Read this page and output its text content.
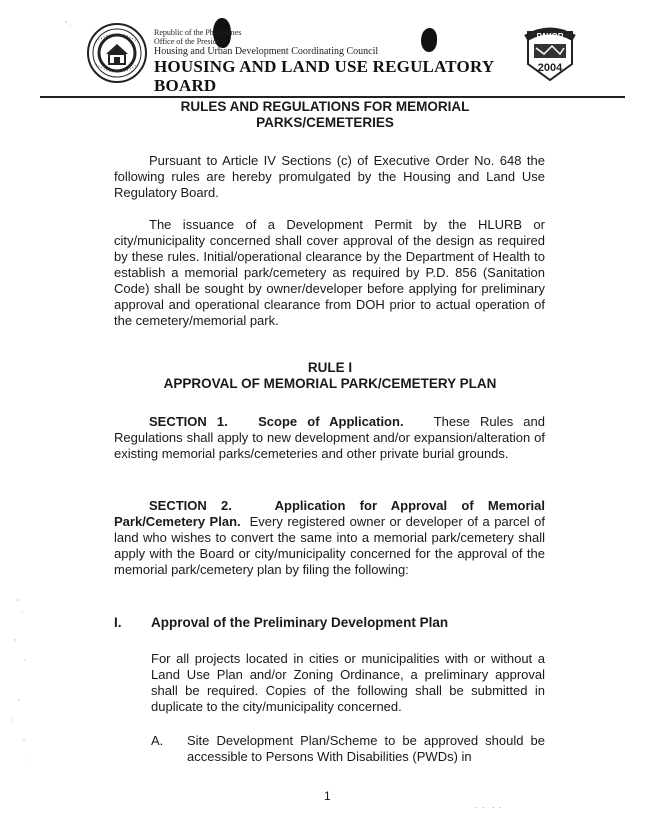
Republic of the Philippines
Office of the President
Housing and Urban Development Coordinating Council
HOUSING AND LAND USE REGULATORY BOARD
PAYOR
2004
RULES AND REGULATIONS FOR MEMORIAL
PARKS/CEMETERIES
Pursuant to Article IV Sections (c) of Executive Order No. 648 the following rules are hereby promulgated by the Housing and Land Use Regulatory Board.
The issuance of a Development Permit by the HLURB or city/municipality concerned shall cover approval of the design as required by these rules. Initial/operational clearance by the Department of Health to establish a memorial park/cemetery as required by P.D. 856 (Sanitation Code) shall be sought by owner/developer before applying for preliminary approval and operational clearance from DOH prior to actual operation of the cemetery/memorial park.
RULE I
APPROVAL OF MEMORIAL PARK/CEMETERY PLAN
SECTION 1. Scope of Application. These Rules and Regulations shall apply to new development and/or expansion/alteration of existing memorial parks/cemeteries and other private burial grounds.
SECTION 2.	Application for Approval of Memorial Park/Cemetery Plan. Every registered owner or developer of a parcel of land who wishes to convert the same into a memorial park/cemetery shall apply with the Board or city/municipality concerned for the approval of the memorial park/cemetery plan by filing the following:
I. Approval of the Preliminary Development Plan
For all projects located in cities or municipalities with or without a Land Use Plan and/or Zoning Ordinance, a preliminary approval shall be required. Copies of the following shall be submitted in duplicate to the city/municipality concerned.
A. Site Development Plan/Scheme to be approved should be accessible to Persons With Disabilities (PWDs) in
1
· ·  · ·
